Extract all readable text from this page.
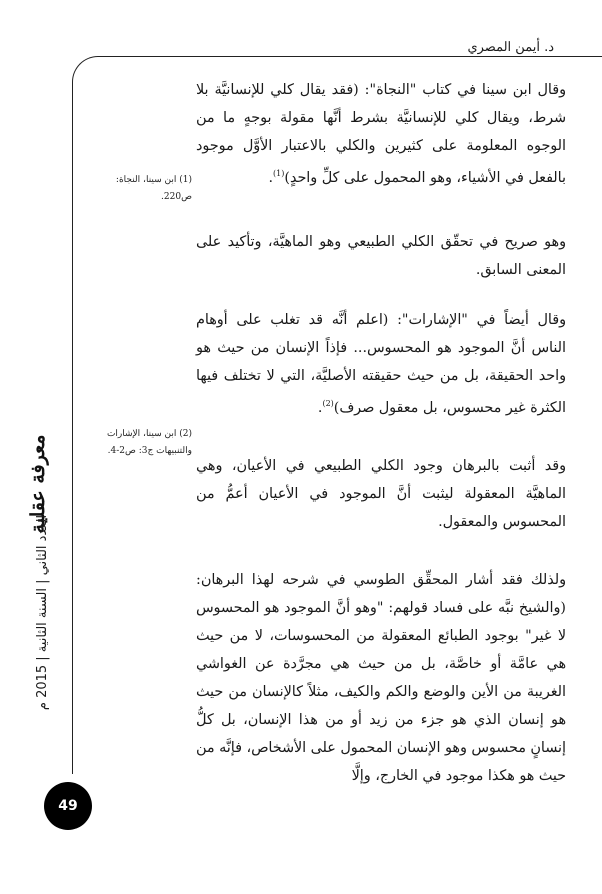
د. أيمن المصري

وقال ابن سينا في كتاب "النجاة": (فقد يقال كلي للإنسانيَّة بلا شرط، ويقال كلي للإنسانيَّة بشرط أنَّها مقولة بوجهٍ ما من الوجوه المعلومة على كثيرين والكلي بالاعتبار الأوَّل موجود بالفعل في الأشياء، وهو المحمول على كلِّ واحدٍ)$^{(1)}$.

وهو صريح في تحقّق الكلي الطبيعي وهو الماهيَّة، وتأكيد على المعنى السابق.

وقال أيضاً في "الإشارات": (اعلم أنَّه قد تغلب على أوهام الناس أنَّ الموجود هو المحسوس... فإذاً الإنسان من حيث هو واحد الحقيقة، بل من حيث حقيقته الأصليَّة، التي لا تختلف فيها الكثرة غير محسوس، بل معقول صرف)$^{(2)}$.

وقد أثبت بالبرهان وجود الكلي الطبيعي في الأعيان، وهي الماهيَّة المعقولة ليثبت أنَّ الموجود في الأعيان أعمُّ من المحسوس والمعقول.

ولذلك فقد أشار المحقِّق الطوسي في شرحه لهذا البرهان: (والشيخ نبَّه على فساد قولهم: "وهو أنَّ الموجود هو المحسوس لا غير" بوجود الطبائع المعقولة من المحسوسات، لا من حيث هي عامَّة أو خاصَّة، بل من حيث هي مجرَّدة عن الغواشي الغريبة من الأين والوضع والكم والكيف، مثلاً كالإنسان من حيث هو إنسان الذي هو جزء من زيد أو من هذا الإنسان، بل كلُّ إنسانٍ محسوس وهو الإنسان المحمول على الأشخاص، فإنَّه من حيث هو هكذا موجود في الخارج، وإلَّا

(1) ابن سينا، النجاة: ص220.
(2) ابن سينا، الإشارات والتنبيهات ج3: ص2-4.
معرفة عقلية
العدد الثاني | السنة الثانية | 2015 م
49
